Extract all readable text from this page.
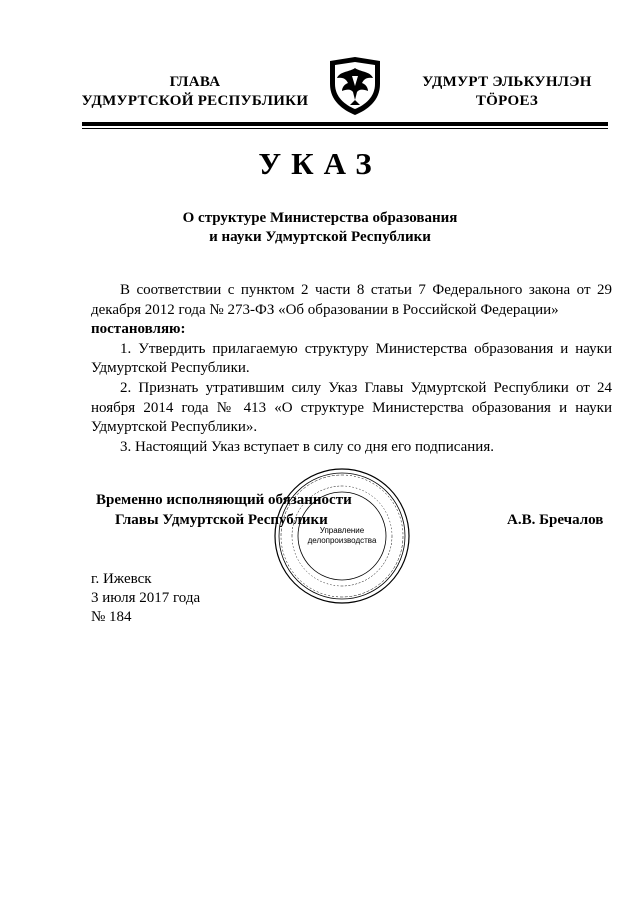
ГЛАВА
УДМУРТСКОЙ РЕСПУБЛИКИ
УДМУРТ ЭЛЬКУНЛЭН
ТӦРОЕЗ
УКАЗ
О структуре Министерства образования
и науки Удмуртской Республики

В соответствии с пунктом 2 части 8 статьи 7 Федерального закона от 29 декабря 2012 года № 273-ФЗ «Об образовании в Российской Федерации»

постановляю:

1. Утвердить прилагаемую структуру Министерства образования и науки Удмуртской Республики.

2. Признать утратившим силу Указ Главы Удмуртской Республики от 24 ноября 2014 года № 413 «О структуре Министерства образования и науки Удмуртской Республики».

3. Настоящий Указ вступает в силу со дня его подписания.

Управление
делопроизводства
Временно исполняющий обязанности
Главы Удмуртской Республики	А.В. Бречалов
г. Ижевск
3 июля 2017 года
№ 184
